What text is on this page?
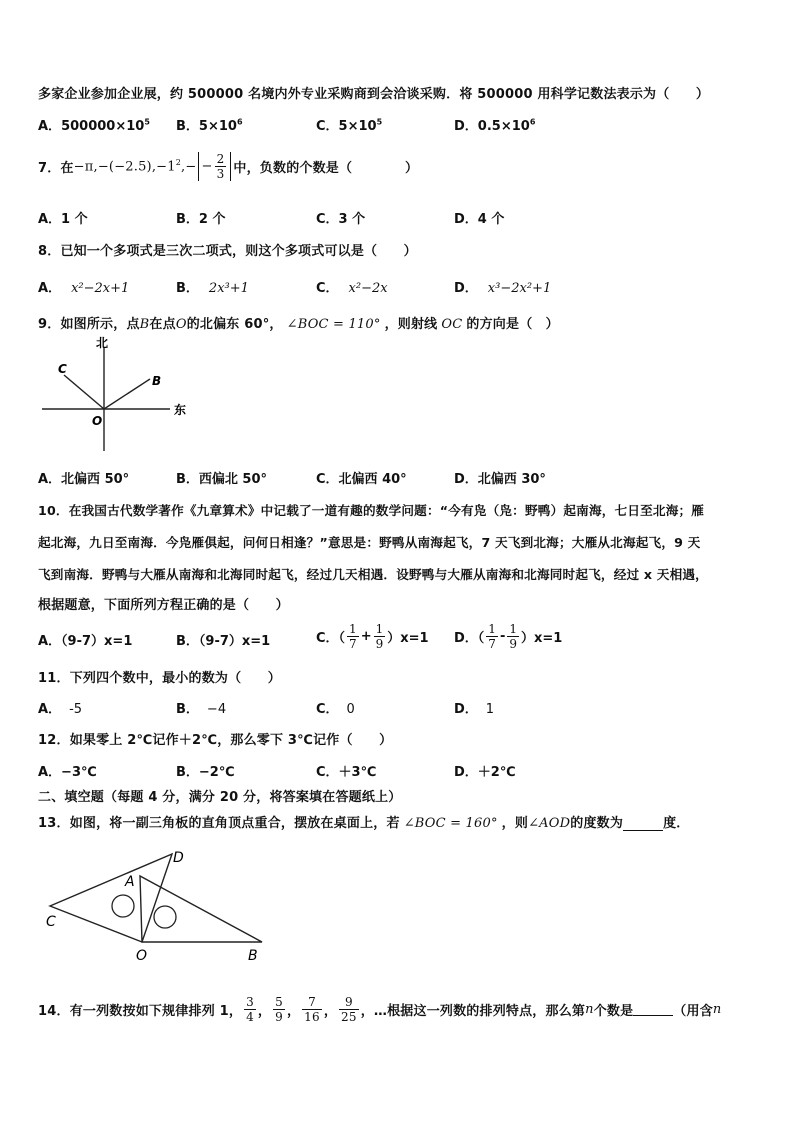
多家企业参加企业展，约 500000 名境内外专业采购商到会洽谈采购．将 500000 用科学记数法表示为（　　）
A．$500000\times 10^5$ B．$5\times 10^6$	C．$5\times 10^5$	D．$0.5\times 10^6$
7．在 $-\pi,-(-2.5),-1^2,- - \frac{2}{3}$ 中，负数的个数是（　　　　）
A．1 个	B．2 个	C．3 个	D．4 个
8．已知一个多项式是三次二项式，则这个多项式可以是（　　）
A． x²−2x+1	B． 2x³+1	C． x²−2x	D． x³−2x²+1
9．如图所示，点B在点O的北偏东 60°， ∠BOC = 110° ，则射线 OC 的方向是（　）
北
东
C
B
O
A．北偏西 50°	B．西偏北 50°	C．北偏西 40°	D．北偏西 30°
10．在我国古代数学著作《九章算术》中记载了一道有趣的数学问题：“今有凫（凫：野鸭）起南海，七日至北海；雁
起北海，九日至南海．今凫雁俱起，问何日相逢？”意思是：野鸭从南海起飞，7 天飞到北海；大雁从北海起飞，9 天
飞到南海．野鸭与大雁从南海和北海同时起飞，经过几天相遇．设野鸭与大雁从南海和北海同时起飞，经过 x 天相遇，
根据题意，下面所列方程正确的是（　　）
A．（9-7）x=1	B．（9-7）x=1	C．（ $\frac{1}{7} + \frac{1}{9} )x=1$ D．（ $\frac{1}{7} - \frac{1}{9} )x=1$
11．下列四个数中，最小的数为（　　）
A． -5	B． −4	C． 0	D． 1
12．如果零上 2℃记作＋2℃，那么零下 3℃记作（　　）
A．−3℃	B．−2℃	C．＋3℃	D．＋2℃
二、填空题（每题 4 分，满分 20 分，将答案填在答题纸上）
13．如图，将一副三角板的直角顶点重合，摆放在桌面上，若 ∠BOC = 160° ，则∠AOD的度数为	度．
D
A
C
O	B
14．有一列数按如下规律排列 1， $\frac{3}{4}$ ， $\frac{5}{9}$ ， $\frac{7}{16}$ ， $\frac{9}{25}$ ，…根据这一列数的排列特点，那么第 n 个数是	（用含 n
